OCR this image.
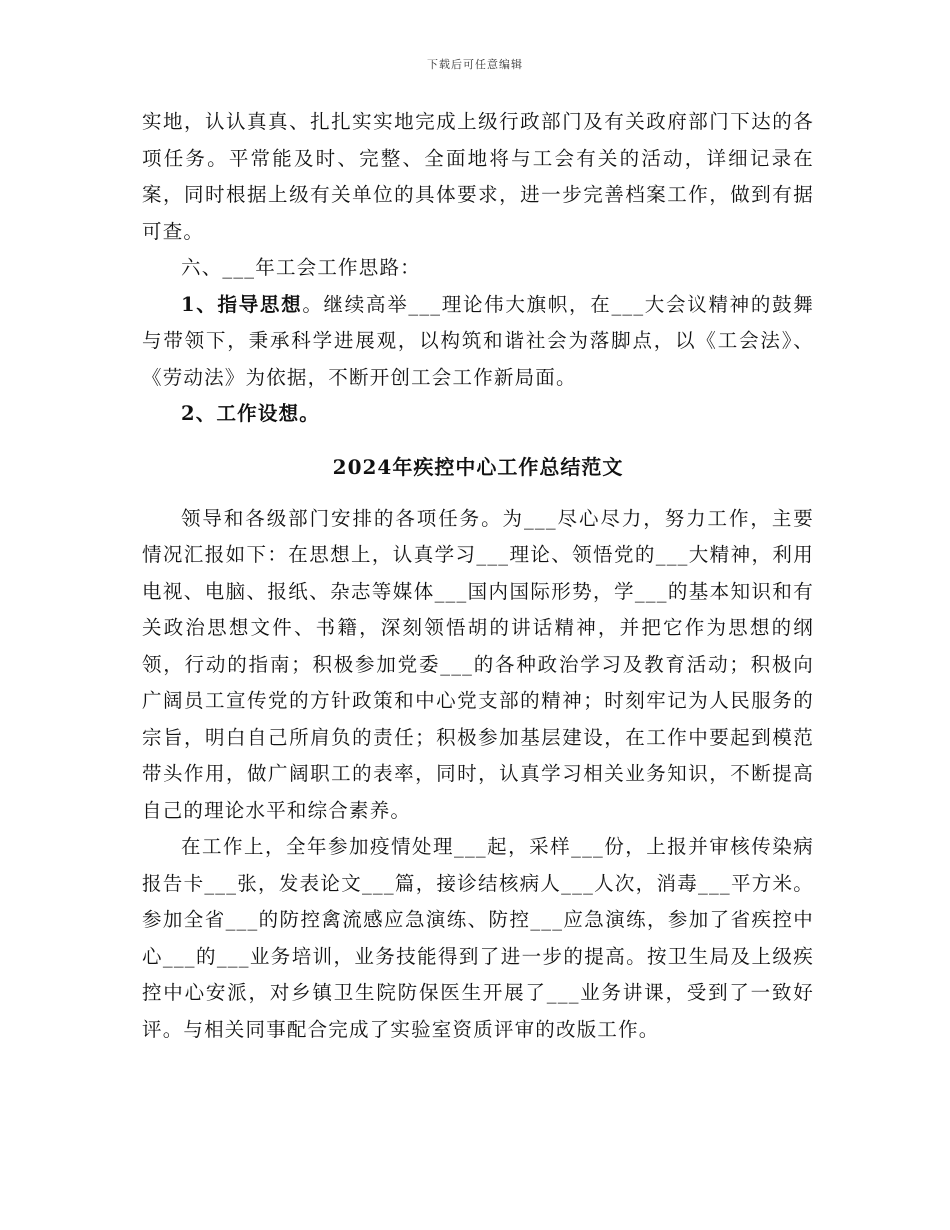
下载后可任意编辑

实地，认认真真、扎扎实实地完成上级行政部门及有关政府部门下达的各项任务。平常能及时、完整、全面地将与工会有关的活动，详细记录在案，同时根据上级有关单位的具体要求，进一步完善档案工作，做到有据可查。

六、___年工会工作思路：

1、指导思想。继续高举___理论伟大旗帜，在___大会议精神的鼓舞与带领下，秉承科学进展观，以构筑和谐社会为落脚点，以《工会法》、《劳动法》为依据，不断开创工会工作新局面。

2、工作设想。

2024年疾控中心工作总结范文

领导和各级部门安排的各项任务。为___尽心尽力，努力工作，主要情况汇报如下：在思想上，认真学习___理论、领悟党的___大精神，利用电视、电脑、报纸、杂志等媒体___国内国际形势，学___的基本知识和有关政治思想文件、书籍，深刻领悟胡的讲话精神，并把它作为思想的纲领，行动的指南；积极参加党委___的各种政治学习及教育活动；积极向广阔员工宣传党的方针政策和中心党支部的精神；时刻牢记为人民服务的宗旨，明白自己所肩负的责任；积极参加基层建设，在工作中要起到模范带头作用，做广阔职工的表率，同时，认真学习相关业务知识，不断提高自己的理论水平和综合素养。

在工作上，全年参加疫情处理___起，采样___份，上报并审核传染病报告卡___张，发表论文___篇，接诊结核病人___人次，消毒___平方米。参加全省___的防控禽流感应急演练、防控___应急演练，参加了省疾控中心___的___业务培训，业务技能得到了进一步的提高。按卫生局及上级疾控中心安派，对乡镇卫生院防保医生开展了___业务讲课，受到了一致好评。与相关同事配合完成了实验室资质评审的改版工作。
